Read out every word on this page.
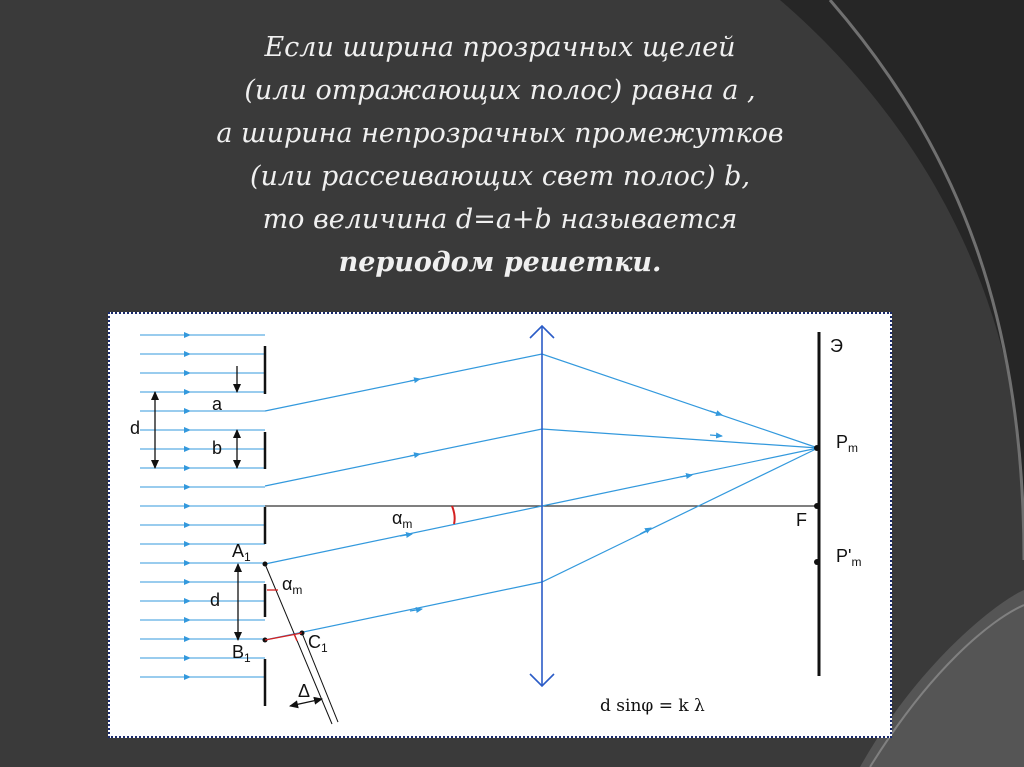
Если ширина прозрачных щелей
(или отражающих полос) равна a ,
а ширина непрозрачных промежутков
(или рассеивающих свет полос) b,
то величина d=a+b называется
периодом решетки.
Э
a
b
d
d
$P_m$
F
$P'_m$
$\alpha_m$
$\alpha_m$
$A_1$
$B_1$
$C_1$
Δ
d sinφ = k λ
